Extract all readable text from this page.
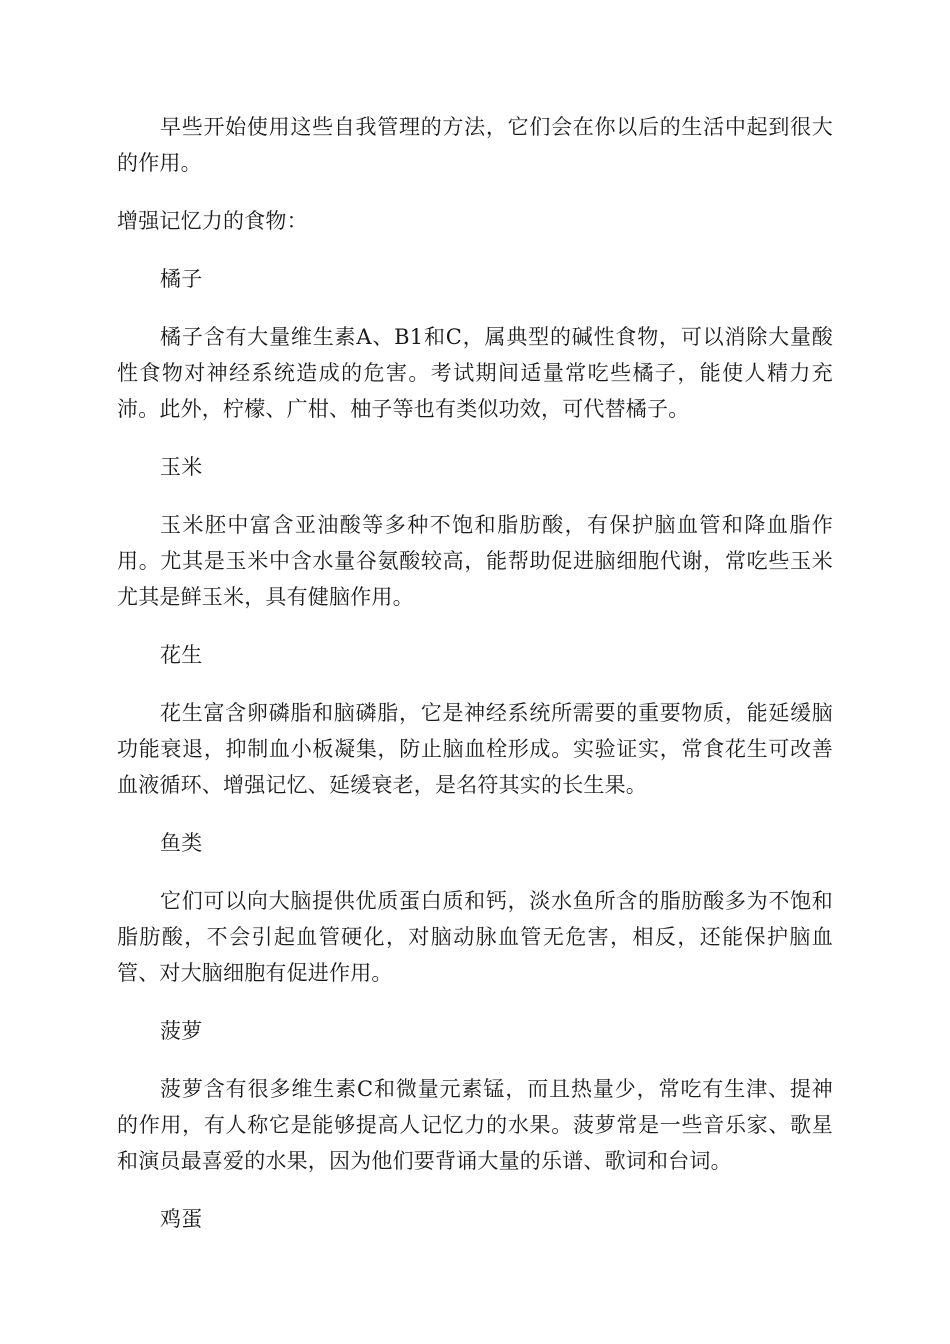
早些开始使用这些自我管理的方法，它们会在你以后的生活中起到很大的作用。

增强记忆力的食物：

橘子

橘子含有大量维生素A、B1和C，属典型的碱性食物，可以消除大量酸性食物对神经系统造成的危害。考试期间适量常吃些橘子，能使人精力充沛。此外，柠檬、广柑、柚子等也有类似功效，可代替橘子。

玉米

玉米胚中富含亚油酸等多种不饱和脂肪酸，有保护脑血管和降血脂作用。尤其是玉米中含水量谷氨酸较高，能帮助促进脑细胞代谢，常吃些玉米尤其是鲜玉米，具有健脑作用。

花生

花生富含卵磷脂和脑磷脂，它是神经系统所需要的重要物质，能延缓脑功能衰退，抑制血小板凝集，防止脑血栓形成。实验证实，常食花生可改善血液循环、增强记忆、延缓衰老，是名符其实的长生果。

鱼类

它们可以向大脑提供优质蛋白质和钙，淡水鱼所含的脂肪酸多为不饱和脂肪酸，不会引起血管硬化，对脑动脉血管无危害，相反，还能保护脑血管、对大脑细胞有促进作用。

菠萝

菠萝含有很多维生素C和微量元素锰，而且热量少，常吃有生津、提神的作用，有人称它是能够提高人记忆力的水果。菠萝常是一些音乐家、歌星和演员最喜爱的水果，因为他们要背诵大量的乐谱、歌词和台词。

鸡蛋
